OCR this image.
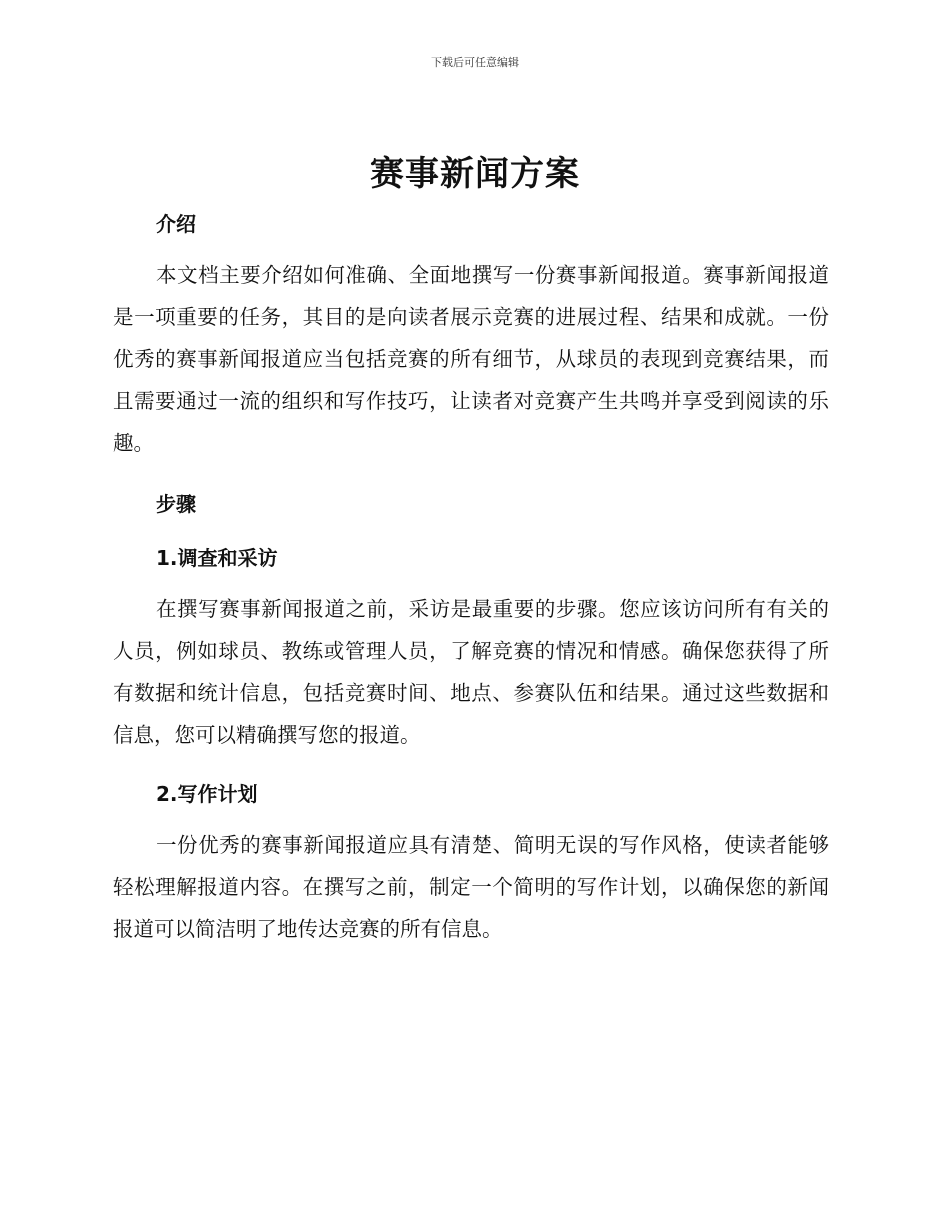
下载后可任意编辑
赛事新闻方案
介绍

本文档主要介绍如何准确、全面地撰写一份赛事新闻报道。赛事新闻报道是一项重要的任务，其目的是向读者展示竞赛的进展过程、结果和成就。一份优秀的赛事新闻报道应当包括竞赛的所有细节，从球员的表现到竞赛结果，而且需要通过一流的组织和写作技巧，让读者对竞赛产生共鸣并享受到阅读的乐趣。

步骤
1.调查和采访

在撰写赛事新闻报道之前，采访是最重要的步骤。您应该访问所有有关的人员，例如球员、教练或管理人员，了解竞赛的情况和情感。确保您获得了所有数据和统计信息，包括竞赛时间、地点、参赛队伍和结果。通过这些数据和信息，您可以精确撰写您的报道。

2.写作计划

一份优秀的赛事新闻报道应具有清楚、简明无误的写作风格，使读者能够轻松理解报道内容。在撰写之前，制定一个简明的写作计划，以确保您的新闻报道可以简洁明了地传达竞赛的所有信息。
